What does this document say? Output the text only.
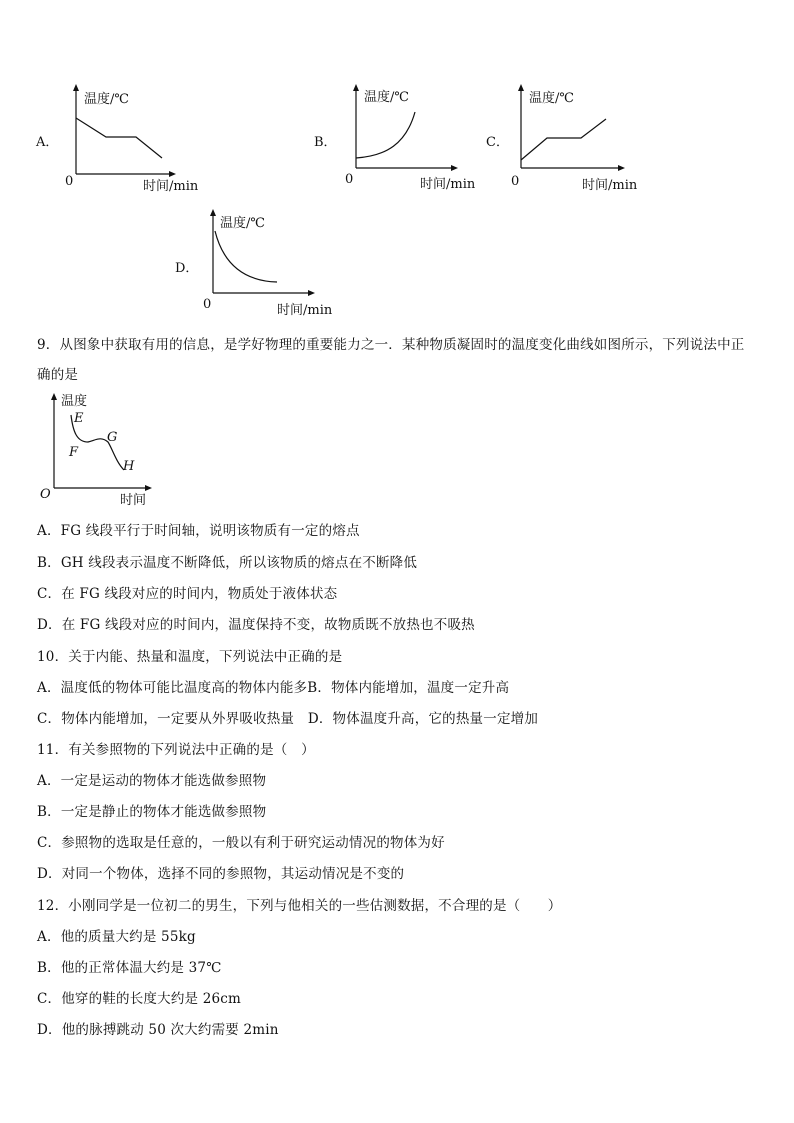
A．
温度/℃
时间/min
0
B．
温度/℃
时间/min
0
C．
温度/℃
时间/min
0
D．
温度/℃
时间/min
0
9．从图象中获取有用的信息，是学好物理的重要能力之一．某种物质凝固时的温度变化曲线如图所示，下列说法中正
确的是
温度
时间
O
E
F
G
H
A．FG 线段平行于时间轴，说明该物质有一定的熔点
B．GH 线段表示温度不断降低，所以该物质的熔点在不断降低
C．在 FG 线段对应的时间内，物质处于液体状态
D．在 FG 线段对应的时间内，温度保持不变，故物质既不放热也不吸热
10．关于内能、热量和温度，下列说法中正确的是
A．温度低的物体可能比温度高的物体内能多B．物体内能增加，温度一定升高
C．物体内能增加，一定要从外界吸收热量　D．物体温度升高，它的热量一定增加
11．有关参照物的下列说法中正确的是（　）
A．一定是运动的物体才能选做参照物
B．一定是静止的物体才能选做参照物
C．参照物的选取是任意的，一般以有利于研究运动情况的物体为好
D．对同一个物体，选择不同的参照物，其运动情况是不变的
12．小刚同学是一位初二的男生，下列与他相关的一些估测数据，不合理的是（　　）
A．他的质量大约是 55kg
B．他的正常体温大约是 37℃
C．他穿的鞋的长度大约是 26cm
D．他的脉搏跳动 50 次大约需要 2min
